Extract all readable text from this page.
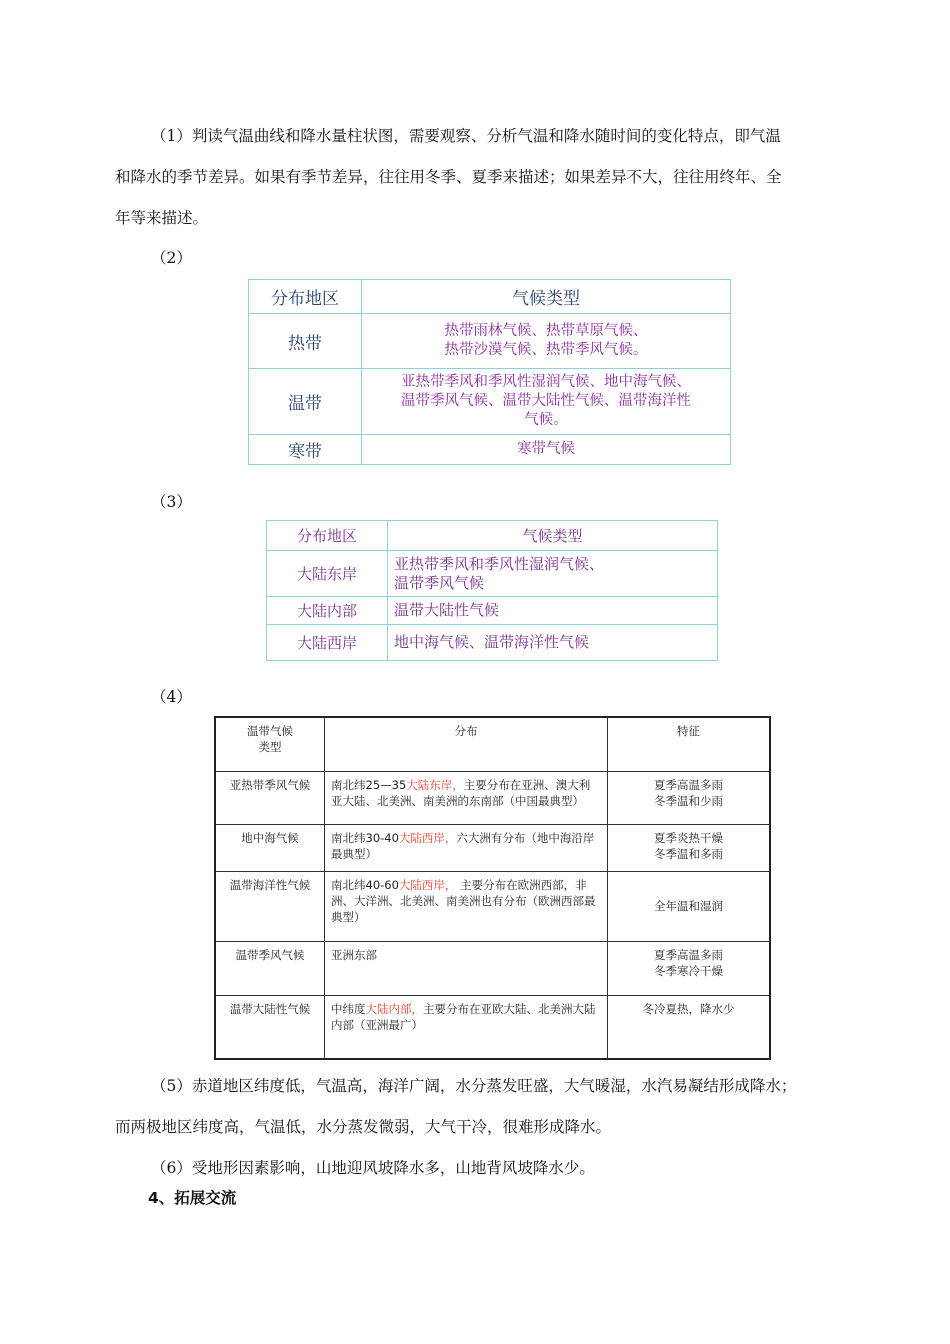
（1）判读气温曲线和降水量柱状图，需要观察、分析气温和降水随时间的变化特点，即气温
和降水的季节差异。如果有季节差异，往往用冬季、夏季来描述；如果差异不大，往往用终年、全
年等来描述。
（2）
分布地区	气候类型
热带	热带雨林气候、热带草原气候、
热带沙漠气候、热带季风气候。

温带	亚热带季风和季风性湿润气候、地中海气候、
温带季风气候、温带大陆性气候、温带海洋性
气候。

寒带	寒带气候
（3）
分布地区	气候类型
大陆东岸	亚热带季风和季风性湿润气候、
温带季风气候

大陆内部	温带大陆性气候
大陆西岸	地中海气候、温带海洋性气候
（4）
温带气候
类型	分布	特征
亚热带季风气候	南北纬25—35大陆东岸，主要分布在亚洲、澳大利亚大陆、北美洲、南美洲的东南部（中国最典型）	夏季高温多雨
冬季温和少雨

地中海气候	南北纬30-40大陆西岸，六大洲有分布（地中海沿岸最典型）	夏季炎热干燥
冬季温和多雨

温带海洋性气候	南北纬40-60大陆西岸， 主要分布在欧洲西部，非洲、大洋洲、北美洲、南美洲也有分布（欧洲西部最典型）	全年温和湿润
温带季风气候	亚洲东部	夏季高温多雨
冬季寒冷干燥

温带大陆性气候	中纬度大陆内部，主要分布在亚欧大陆、北美洲大陆内部（亚洲最广）	冬冷夏热，降水少
（5）赤道地区纬度低，气温高，海洋广阔，水分蒸发旺盛，大气暖湿，水汽易凝结形成降水；
而两极地区纬度高，气温低，水分蒸发微弱，大气干冷，很难形成降水。
（6）受地形因素影响，山地迎风坡降水多，山地背风坡降水少。
4、拓展交流
